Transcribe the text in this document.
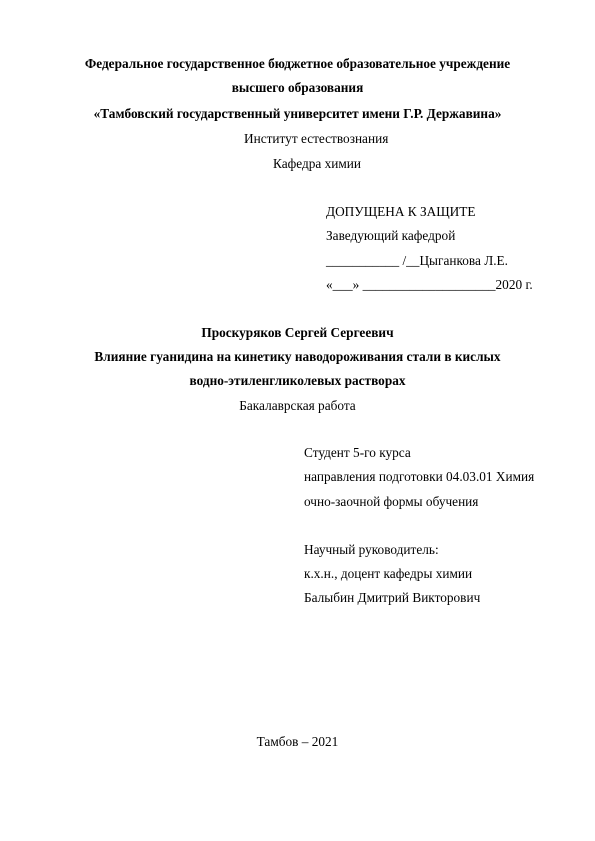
Федеральное государственное бюджетное образовательное учреждение
высшего образования
«Тамбовский государственный университет имени Г.Р. Державина»
Институт естествознания
Кафедра химии
ДОПУЩЕНА К ЗАЩИТЕ
Заведующий кафедрой
___________ /__Цыганкова Л.Е.
«___» ____________________2020 г.
Проскуряков Сергей Сергеевич
Влияние гуанидина на кинетику наводороживания стали в кислых
водно-этиленгликолевых растворах
Бакалаврская работа
Студент 5-го курса
направления подготовки 04.03.01 Химия
очно-заочной формы обучения
Научный руководитель:
к.х.н., доцент кафедры химии
Балыбин Дмитрий Викторович
Тамбов – 2021
